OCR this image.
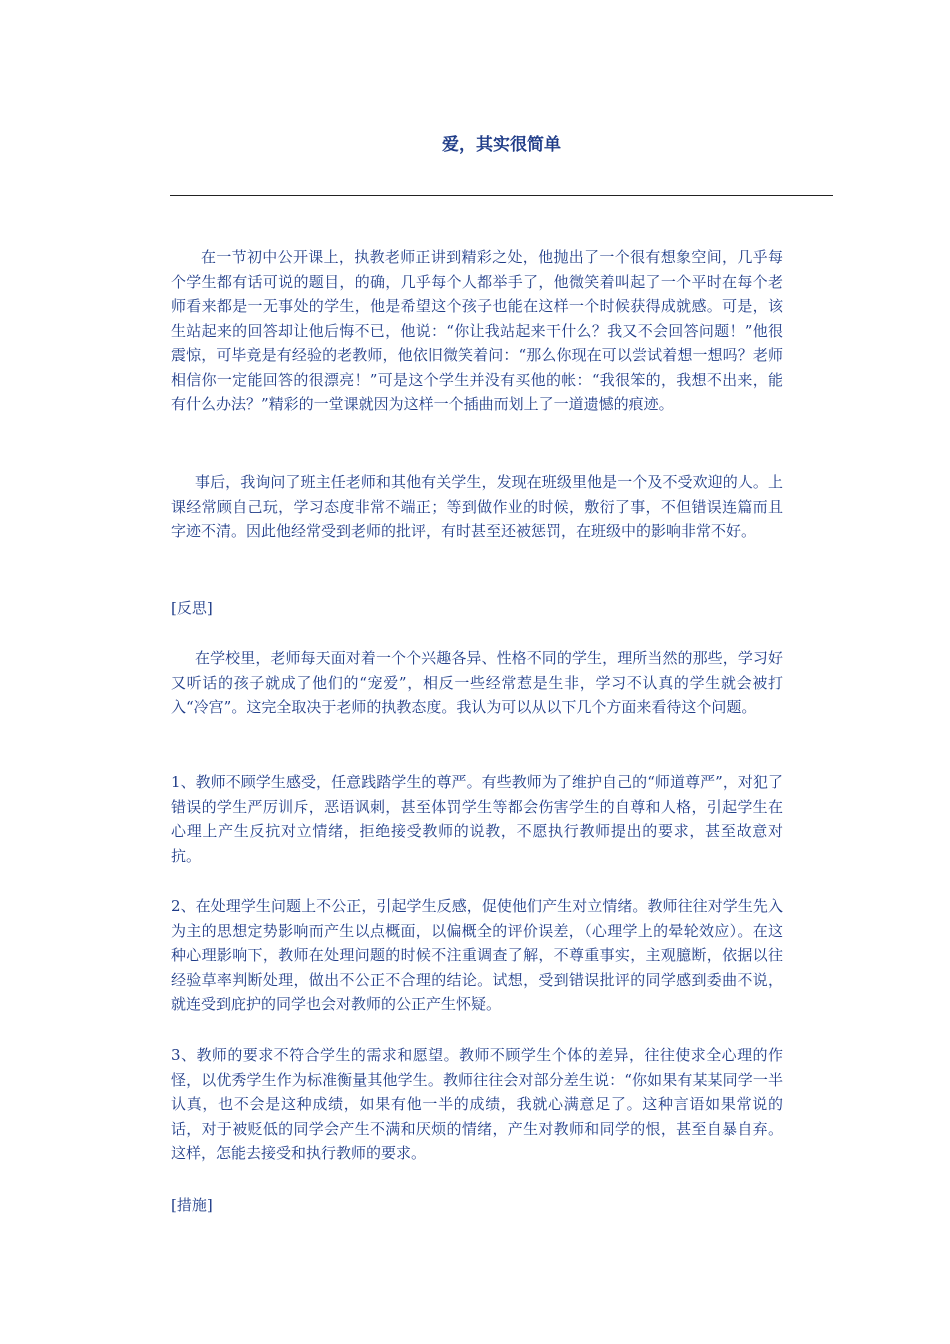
爱，其实很简单

在一节初中公开课上，执教老师正讲到精彩之处，他抛出了一个很有想象空间，几乎每个学生都有话可说的题目，的确，几乎每个人都举手了，他微笑着叫起了一个平时在每个老师看来都是一无事处的学生，他是希望这个孩子也能在这样一个时候获得成就感。可是，该生站起来的回答却让他后悔不已，他说：“你让我站起来干什么？我又不会回答问题！”他很震惊，可毕竟是有经验的老教师，他依旧微笑着问：“那么你现在可以尝试着想一想吗？老师相信你一定能回答的很漂亮！”可是这个学生并没有买他的帐：“我很笨的，我想不出来，能有什么办法？”精彩的一堂课就因为这样一个插曲而划上了一道遗憾的痕迹。

事后，我询问了班主任老师和其他有关学生，发现在班级里他是一个及不受欢迎的人。上课经常顾自己玩，学习态度非常不端正；等到做作业的时候，敷衍了事，不但错误连篇而且字迹不清。因此他经常受到老师的批评，有时甚至还被惩罚，在班级中的影响非常不好。

[反思]

在学校里，老师每天面对着一个个兴趣各异、性格不同的学生，理所当然的那些，学习好又听话的孩子就成了他们的“宠爱”，相反一些经常惹是生非，学习不认真的学生就会被打入“冷宫”。这完全取决于老师的执教态度。我认为可以从以下几个方面来看待这个问题。

1、教师不顾学生感受，任意践踏学生的尊严。有些教师为了维护自己的“师道尊严”，对犯了错误的学生严厉训斥，恶语讽刺，甚至体罚学生等都会伤害学生的自尊和人格，引起学生在心理上产生反抗对立情绪，拒绝接受教师的说教，不愿执行教师提出的要求，甚至故意对抗。

2、在处理学生问题上不公正，引起学生反感，促使他们产生对立情绪。教师往往对学生先入为主的思想定势影响而产生以点概面，以偏概全的评价误差，（心理学上的晕轮效应）。在这种心理影响下，教师在处理问题的时候不注重调查了解，不尊重事实，主观臆断，依据以往经验草率判断处理，做出不公正不合理的结论。试想，受到错误批评的同学感到委曲不说，就连受到庇护的同学也会对教师的公正产生怀疑。

3、教师的要求不符合学生的需求和愿望。教师不顾学生个体的差异，往往使求全心理的作怪，以优秀学生作为标准衡量其他学生。教师往往会对部分差生说：“你如果有某某同学一半认真，也不会是这种成绩，如果有他一半的成绩，我就心满意足了。这种言语如果常说的话，对于被贬低的同学会产生不满和厌烦的情绪，产生对教师和同学的恨，甚至自暴自弃。这样，怎能去接受和执行教师的要求。

[措施]
